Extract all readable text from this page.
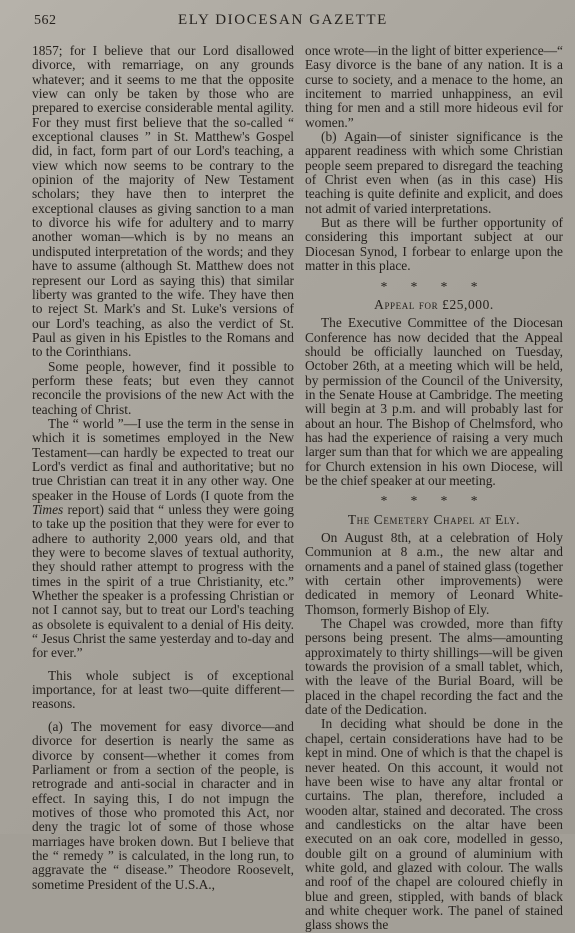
562	ELY DIOCESAN GAZETTE

1857; for I believe that our Lord disallowed divorce, with remarriage, on any grounds whatever; and it seems to me that the opposite view can only be taken by those who are prepared to exercise considerable mental agility. For they must first believe that the so-called “ exceptional clauses ” in St. Matthew's Gospel did, in fact, form part of our Lord's teaching, a view which now seems to be contrary to the opinion of the majority of New Testament scholars; they have then to interpret the exceptional clauses as giving sanction to a man to divorce his wife for adultery and to marry another woman—which is by no means an undisputed interpretation of the words; and they have to assume (although St. Matthew does not represent our Lord as saying this) that similar liberty was granted to the wife. They have then to reject St. Mark's and St. Luke's versions of our Lord's teaching, as also the verdict of St. Paul as given in his Epistles to the Romans and to the Corinthians.

Some people, however, find it possible to perform these feats; but even they cannot reconcile the provisions of the new Act with the teaching of Christ.

The “ world ”—I use the term in the sense in which it is sometimes employed in the New Testament—can hardly be expected to treat our Lord's verdict as final and authoritative; but no true Christian can treat it in any other way. One speaker in the House of Lords (I quote from the Times report) said that “ unless they were going to take up the position that they were for ever to adhere to authority 2,000 years old, and that they were to become slaves of textual authority, they should rather attempt to progress with the times in the spirit of a true Christianity, etc.” Whether the speaker is a professing Christian or not I cannot say, but to treat our Lord's teaching as obsolete is equivalent to a denial of His deity. “ Jesus Christ the same yesterday and to-day and for ever.”

This whole subject is of exceptional importance, for at least two—quite different—reasons.

(a) The movement for easy divorce—and divorce for desertion is nearly the same as divorce by consent—whether it comes from Parliament or from a section of the people, is retrograde and anti-social in character and in effect. In saying this, I do not impugn the motives of those who promoted this Act, nor deny the tragic lot of some of those whose marriages have broken down. But I believe that the “ remedy ” is calculated, in the long run, to aggravate the “ disease.” Theodore Roosevelt, sometime President of the U.S.A.,

once wrote—in the light of bitter experience—“ Easy divorce is the bane of any nation. It is a curse to society, and a menace to the home, an incitement to married unhappiness, an evil thing for men and a still more hideous evil for women.”

(b) Again—of sinister significance is the apparent readiness with which some Christian people seem prepared to disregard the teaching of Christ even when (as in this case) His teaching is quite definite and explicit, and does not admit of varied interpretations.

But as there will be further opportunity of considering this important subject at our Diocesan Synod, I forbear to enlarge upon the matter in this place.

* * * *
Appeal for £25,000.

The Executive Committee of the Diocesan Conference has now decided that the Appeal should be officially launched on Tuesday, October 26th, at a meeting which will be held, by permission of the Council of the University, in the Senate House at Cambridge. The meeting will begin at 3 p.m. and will probably last for about an hour. The Bishop of Chelmsford, who has had the experience of raising a very much larger sum than that for which we are appealing for Church extension in his own Diocese, will be the chief speaker at our meeting.

* * * *
The Cemetery Chapel at Ely.

On August 8th, at a celebration of Holy Communion at 8 a.m., the new altar and ornaments and a panel of stained glass (together with certain other improvements) were dedicated in memory of Leonard White-Thomson, formerly Bishop of Ely.

The Chapel was crowded, more than fifty persons being present. The alms—amounting approximately to thirty shillings—will be given towards the provision of a small tablet, which, with the leave of the Burial Board, will be placed in the chapel recording the fact and the date of the Dedication.

In deciding what should be done in the chapel, certain considerations have had to be kept in mind. One of which is that the chapel is never heated. On this account, it would not have been wise to have any altar frontal or curtains. The plan, therefore, included a wooden altar, stained and decorated. The cross and candlesticks on the altar have been executed on an oak core, modelled in gesso, double gilt on a ground of aluminium with white gold, and glazed with colour. The walls and roof of the chapel are coloured chiefly in blue and green, stippled, with bands of black and white chequer work. The panel of stained glass shows the
